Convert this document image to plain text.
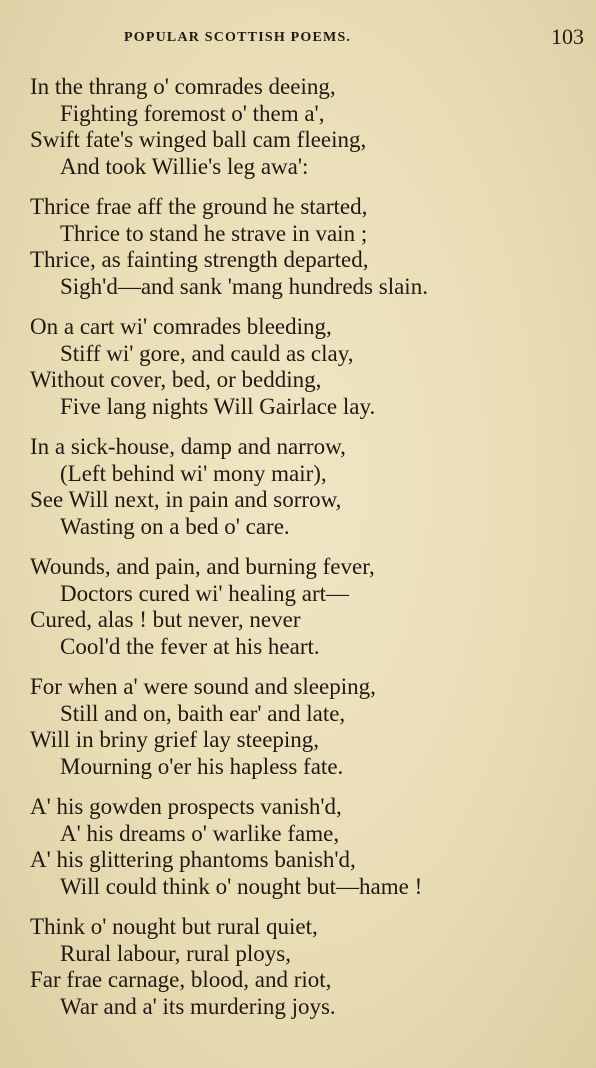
POPULAR SCOTTISH POEMS.	103
In the thrang o' comrades deeing,
Fighting foremost o' them a',
Swift fate's winged ball cam fleeing,
And took Willie's leg awa':
Thrice frae aff the ground he started,
Thrice to stand he strave in vain ;
Thrice, as fainting strength departed,
Sigh'd—and sank 'mang hundreds slain.
On a cart wi' comrades bleeding,
Stiff wi' gore, and cauld as clay,
Without cover, bed, or bedding,
Five lang nights Will Gairlace lay.
In a sick-house, damp and narrow,
(Left behind wi' mony mair),
See Will next, in pain and sorrow,
Wasting on a bed o' care.
Wounds, and pain, and burning fever,
Doctors cured wi' healing art—
Cured, alas ! but never, never
Cool'd the fever at his heart.
For when a' were sound and sleeping,
Still and on, baith ear' and late,
Will in briny grief lay steeping,
Mourning o'er his hapless fate.
A' his gowden prospects vanish'd,
A' his dreams o' warlike fame,
A' his glittering phantoms banish'd,
Will could think o' nought but—hame !
Think o' nought but rural quiet,
Rural labour, rural ploys,
Far frae carnage, blood, and riot,
War and a' its murdering joys.
